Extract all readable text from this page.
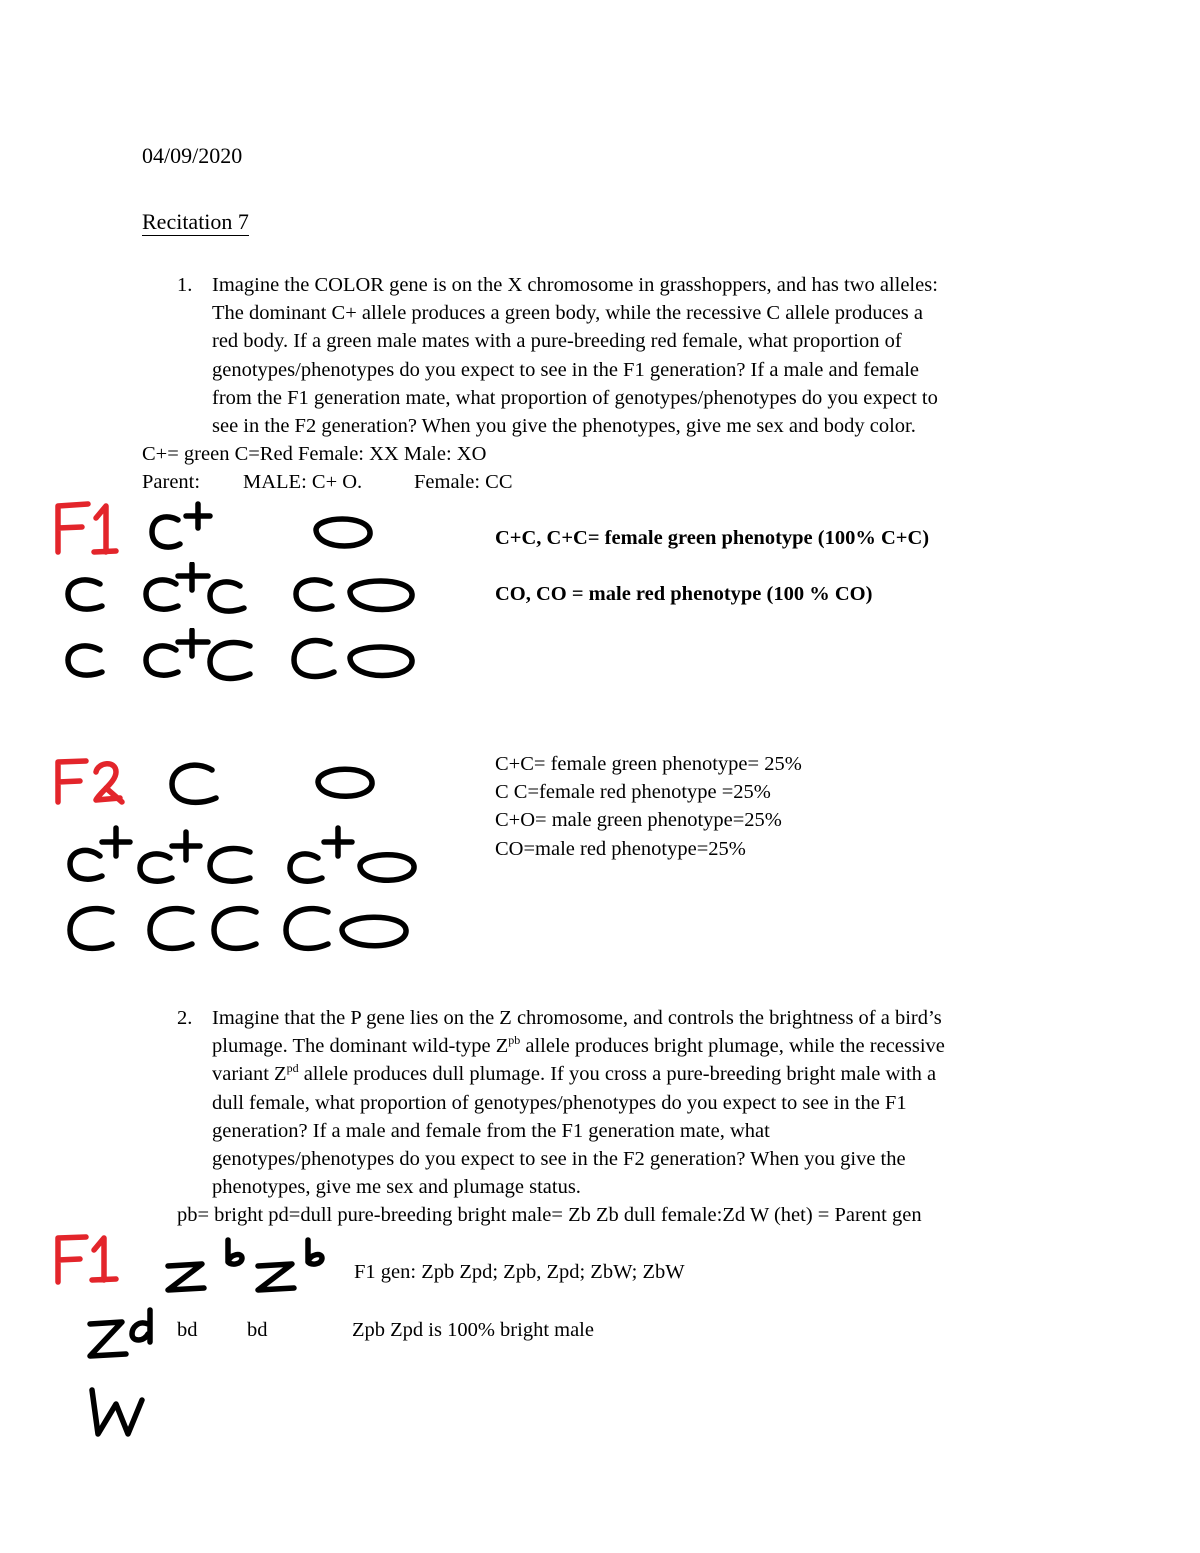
04/09/2020
Recitation 7
1. Imagine the COLOR gene is on the X chromosome in grasshoppers, and has two alleles:
The dominant C+ allele produces a green body, while the recessive C allele produces a
red body. If a green male mates with a pure-breeding red female, what proportion of
genotypes/phenotypes do you expect to see in the F1 generation? If a male and female
from the F1 generation mate, what proportion of genotypes/phenotypes do you expect to
see in the F2 generation? When you give the phenotypes, give me sex and body color.
C+= green C=Red Female: XX Male: XO
Parent: MALE: C+ O.	Female: CC
C+C, C+C= female green phenotype (100% C+C)
CO, CO = male red phenotype (100 % CO)
C+C= female green phenotype= 25%
C C=female red phenotype =25%
C+O= male green phenotype=25%
CO=male red phenotype=25%
2. Imagine that the P gene lies on the Z chromosome, and controls the brightness of a bird’s
plumage. The dominant wild-type $Z^{pb}$ allele produces bright plumage, while the recessive
variant $Z^{pd}$ allele produces dull plumage. If you cross a pure-breeding bright male with a
dull female, what proportion of genotypes/phenotypes do you expect to see in the F1
generation? If a male and female from the F1 generation mate, what
genotypes/phenotypes do you expect to see in the F2 generation? When you give the
phenotypes, give me sex and plumage status.
pb= bright pd=dull pure-breeding bright male= Zb Zb dull female:Zd W (het) = Parent gen
F1 gen: Zpb Zpd; Zpb, Zpd; ZbW; ZbW
bd bd	Zpb Zpd is 100% bright male
